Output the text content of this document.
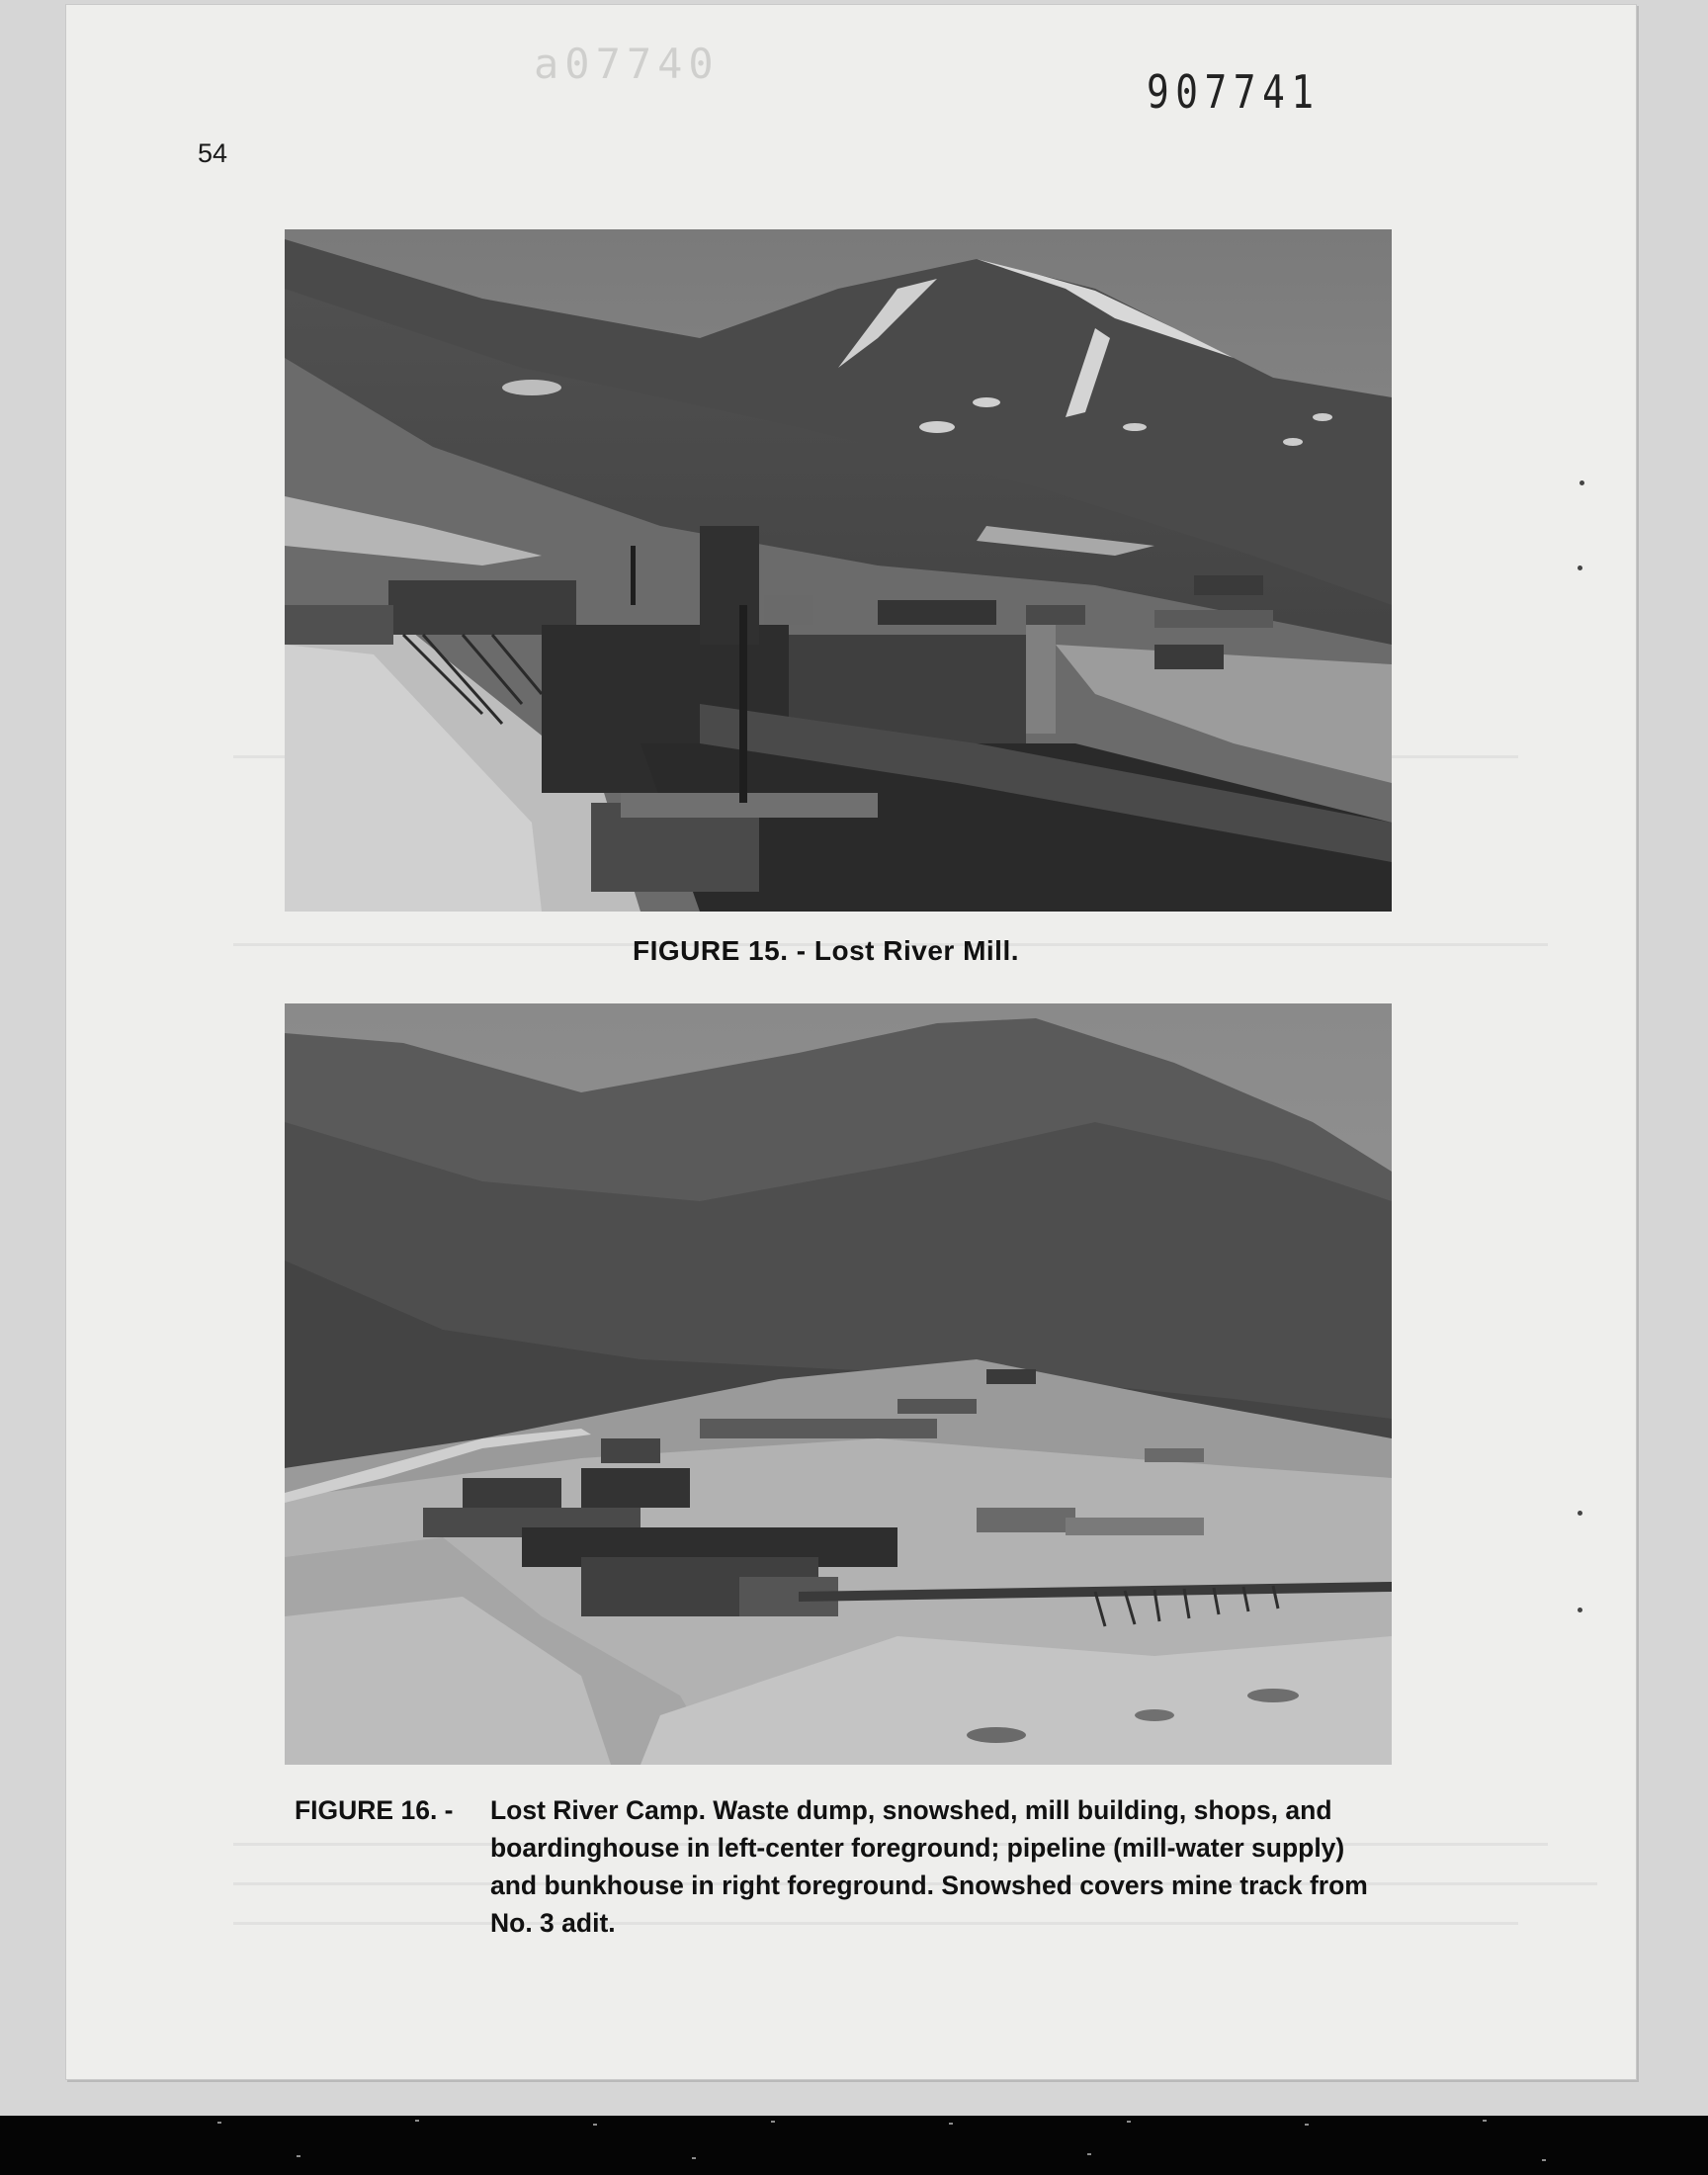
a07740
907741
54
FIGURE 15. - Lost River Mill.
FIGURE 16. - Lost River Camp. Waste dump, snowshed, mill building, shops, and boardinghouse in left-center foreground; pipeline (mill-water supply) and bunkhouse in right foreground. Snowshed covers mine track from No. 3 adit.
